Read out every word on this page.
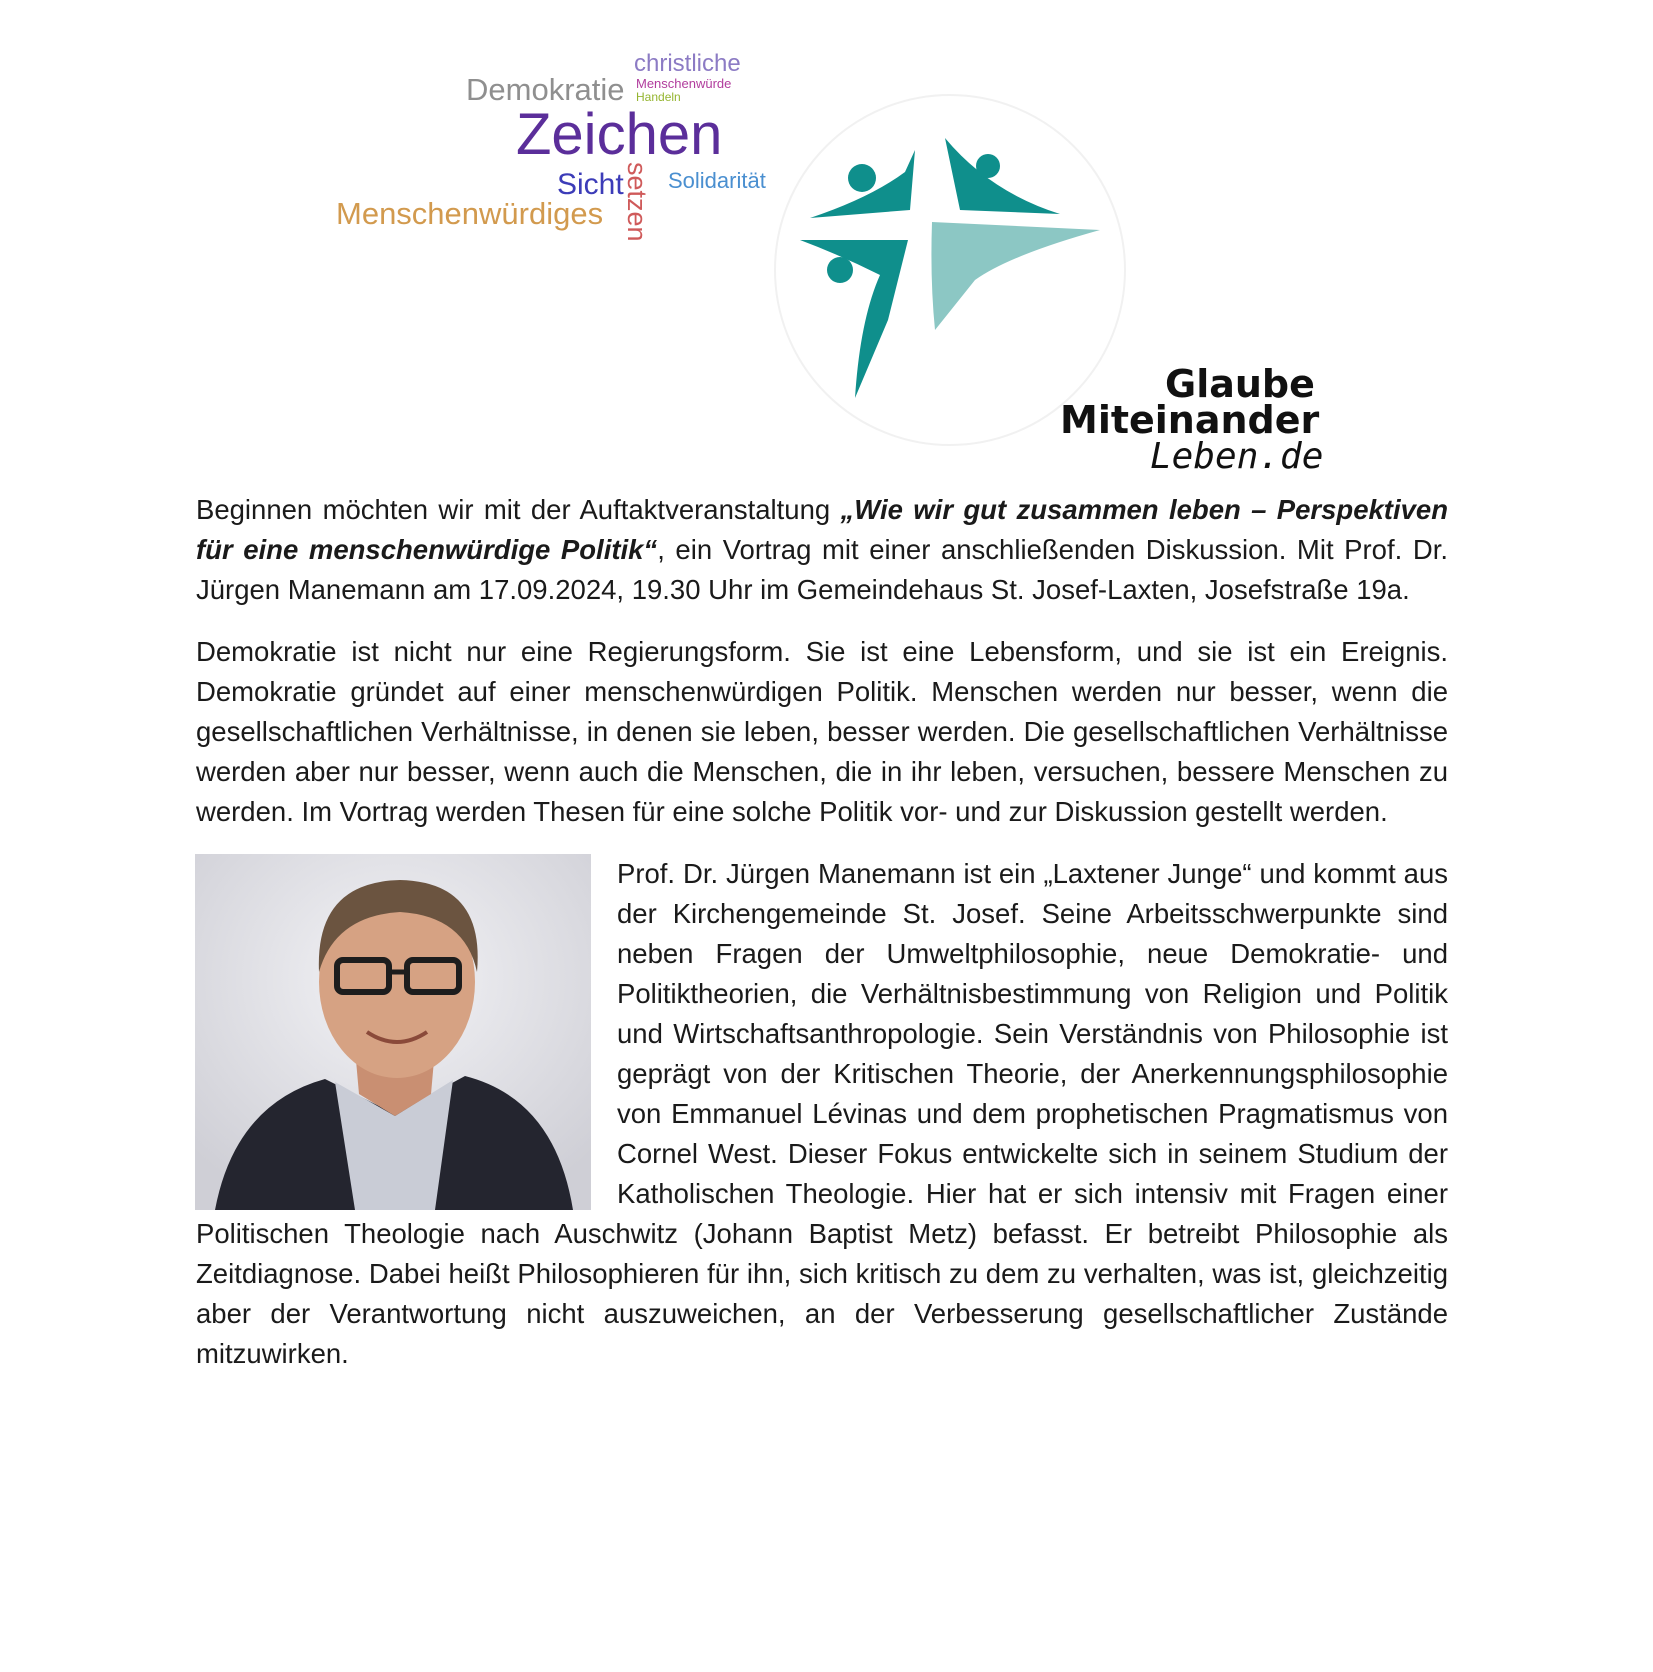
christliche
Demokratie Menschenwürde
Handeln
Zeichen
Sicht Solidarität
Menschenwürdiges setzen
Glaube
Miteinander
Leben.de

Beginnen möchten wir mit der Auftaktveranstaltung „Wie wir gut zusammen leben – Perspektiven für eine menschenwürdige Politik“, ein Vortrag mit einer anschließenden Diskussion. Mit Prof. Dr. Jürgen Manemann am 17.09.2024, 19.30 Uhr im Gemeindehaus St. Josef-Laxten, Josefstraße 19a.

Demokratie ist nicht nur eine Regierungsform. Sie ist eine Lebensform, und sie ist ein Ereignis. Demokratie gründet auf einer menschenwürdigen Politik. Menschen werden nur besser, wenn die gesellschaftlichen Verhältnisse, in denen sie leben, besser werden. Die gesellschaftlichen Verhältnisse werden aber nur besser, wenn auch die Menschen, die in ihr leben, versuchen, bessere Menschen zu werden. Im Vortrag werden Thesen für eine solche Politik vor- und zur Diskussion gestellt werden.

Prof. Dr. Jürgen Manemann ist ein „Laxtener Junge“ und kommt aus der Kirchengemeinde St. Josef. Seine Arbeitsschwerpunkte sind neben Fragen der Umweltphilosophie, neue Demokratie- und Politiktheorien, die Verhältnisbestimmung von Religion und Politik und Wirtschaftsanthropologie. Sein Verständnis von Philosophie ist geprägt von der Kritischen Theorie, der Anerkennungsphilosophie von Emmanuel Lévinas und dem prophetischen Pragmatismus von Cornel West. Dieser Fokus entwickelte sich in seinem Studium der Katholischen Theologie. Hier hat er sich intensiv mit Fragen einer Politischen Theologie nach Auschwitz (Johann Baptist Metz) befasst. Er betreibt Philosophie als Zeitdiagnose. Dabei heißt Philosophieren für ihn, sich kritisch zu dem zu verhalten, was ist, gleichzeitig aber der Verantwortung nicht auszuweichen, an der Verbesserung gesellschaftlicher Zustände mitzuwirken.
